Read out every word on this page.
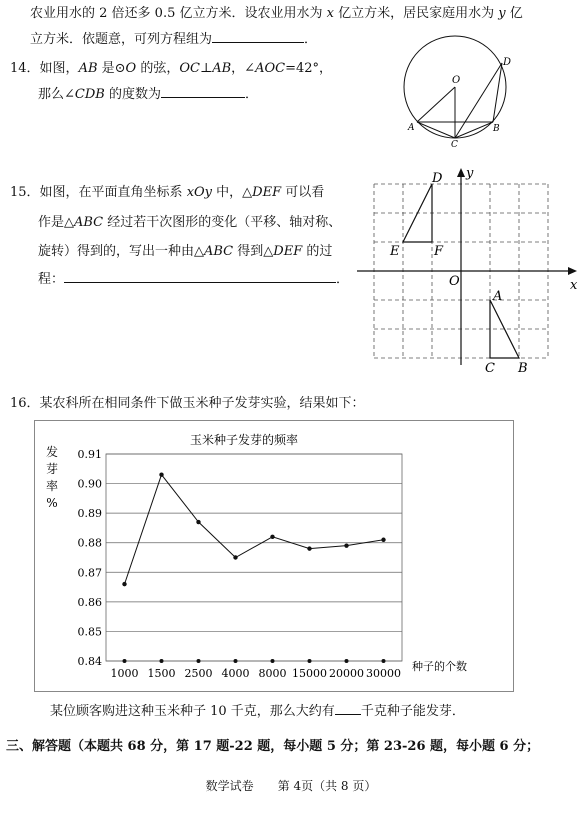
农业用水的 2 倍还多 0.5 亿立方米．设农业用水为 x 亿立方米，居民家庭用水为 y 亿
立方米．依题意，可列方程组为	．
14．如图，AB 是⊙O 的弦，OC⊥AB，∠AOC=42°，
那么∠CDB 的度数为	．
O
D
A	B
C
15．如图，在平面直角坐标系 xOy 中，△DEF 可以看
作是△ABC 经过若干次图形的变化（平移、轴对称、
旋转）得到的，写出一种由△ABC 得到△DEF 的过
程：	．
D
E	F
A
C B
O	x
y
16．某农科所在相同条件下做玉米种子发芽实验，结果如下：
玉米种子发芽的频率
发
芽
率
%
种子的个数
0.91
0.90
0.89
0.88
0.87
0.86
0.85
0.84
1000 1500 2500 4000 8000 15000 20000 30000
某位顾客购进这种玉米种子 10 千克，那么大约有 千克种子能发芽．
三、解答题（本题共 68 分，第 17 题-22 题，每小题 5 分；第 23-26 题，每小题 6 分；
数学试卷　　第 4页（共 8 页）
